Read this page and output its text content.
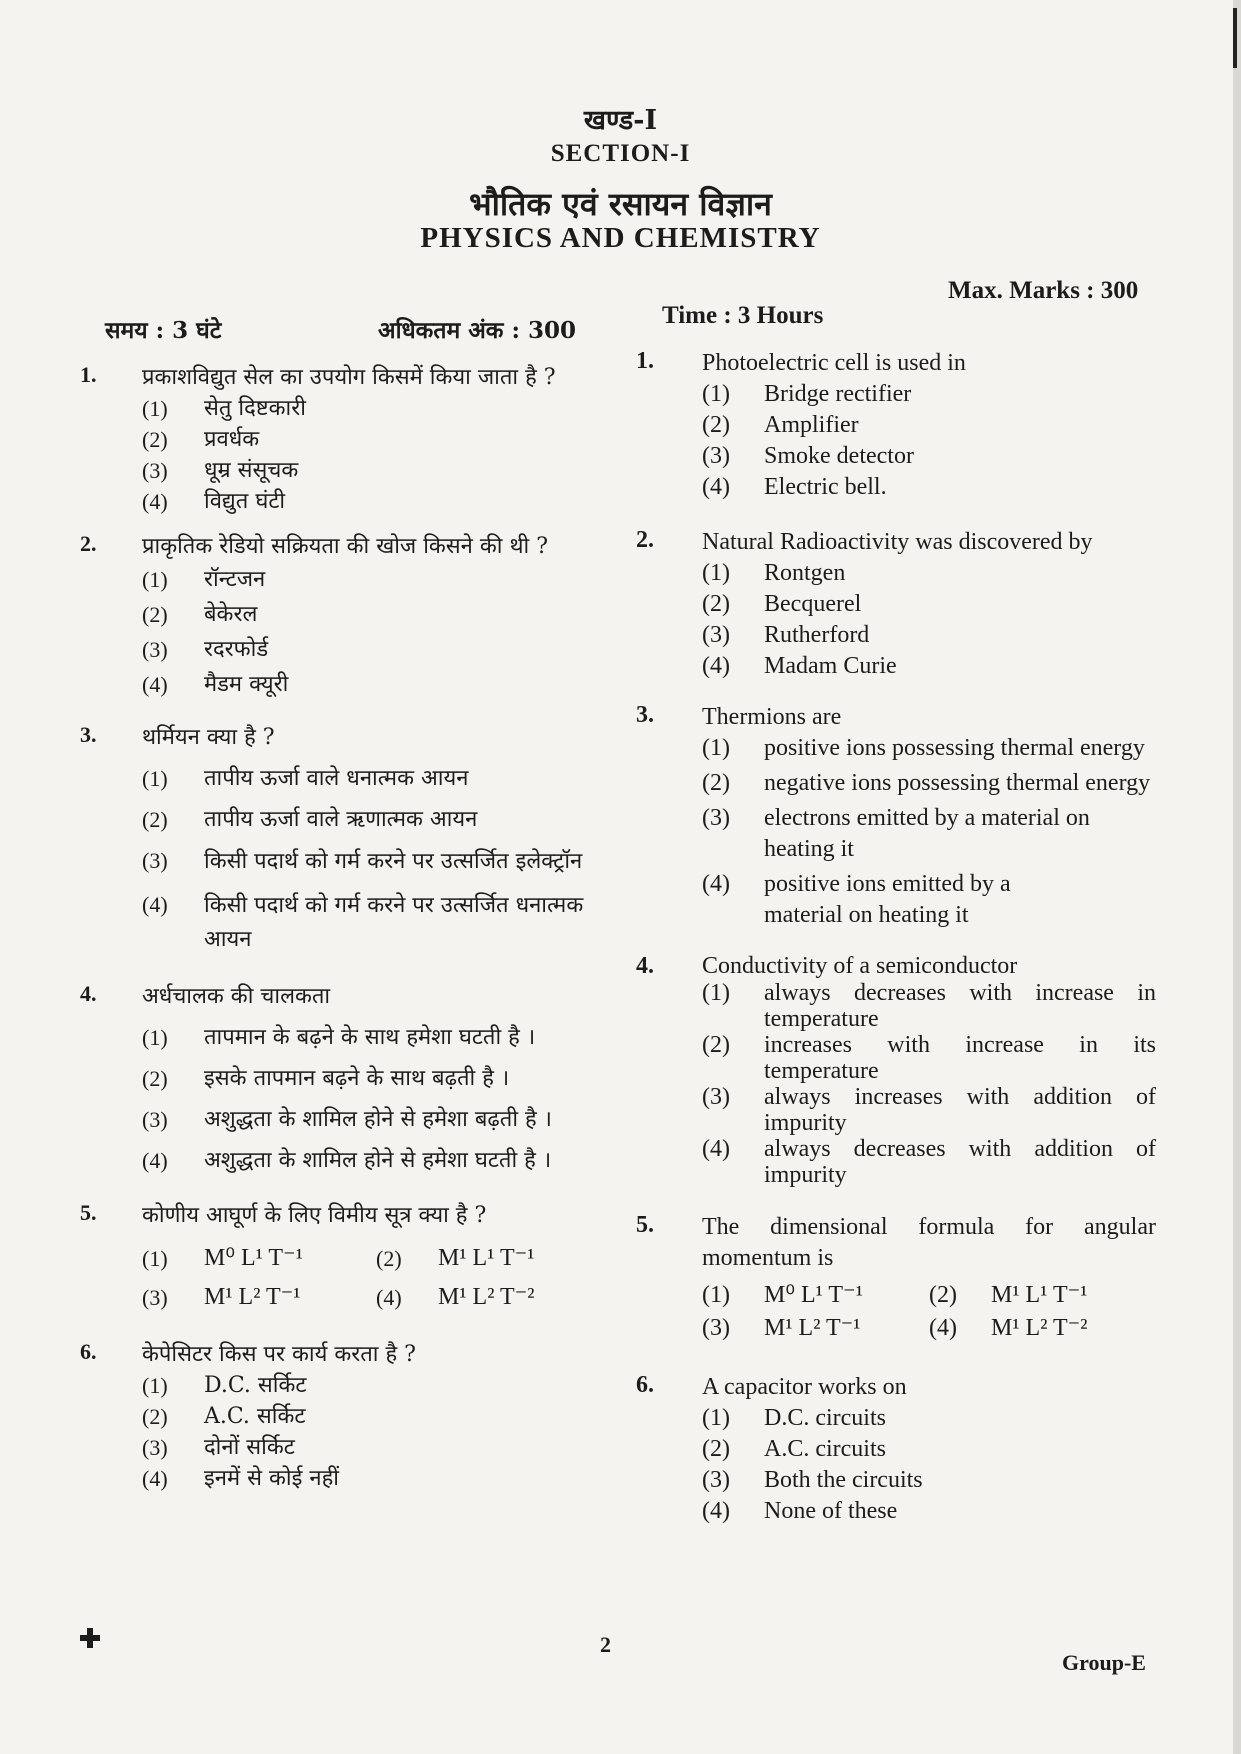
खण्ड-I
SECTION-I
भौतिक एवं रसायन विज्ञान
PHYSICS AND CHEMISTRY
समय : 3 घंटे	अधिकतम अंक : 300
Time : 3 Hours
Max. Marks : 300
1. प्रकाशविद्युत सेल का उपयोग किसमें किया जाता है ?
(1)	सेतु दिष्टकारी
(2)	प्रवर्धक
(3)	धूम्र संसूचक
(4)	विद्युत घंटी
2. प्राकृतिक रेडियो सक्रियता की खोज किसने की थी ?
(1)	रॉन्टजन
(2)	बेकेरल
(3)	रदरफोर्ड
(4)	मैडम क्यूरी
3. थर्मियन क्या है ?
(1)	तापीय ऊर्जा वाले धनात्मक आयन
(2)	तापीय ऊर्जा वाले ऋणात्मक आयन
(3)	किसी पदार्थ को गर्म करने पर उत्सर्जित इलेक्ट्रॉन
(4)	किसी पदार्थ को गर्म करने पर उत्सर्जित धनात्मक आयन
4. अर्धचालक की चालकता
(1)	तापमान के बढ़ने के साथ हमेशा घटती है ।
(2)	इसके तापमान बढ़ने के साथ बढ़ती है ।
(3)	अशुद्धता के शामिल होने से हमेशा बढ़ती है ।
(4)	अशुद्धता के शामिल होने से हमेशा घटती है ।
5. कोणीय आघूर्ण के लिए विमीय सूत्र क्या है ?
(1)	M⁰ L¹ T⁻¹	(2)	M¹ L¹ T⁻¹
(3)	M¹ L² T⁻¹	(4)	M¹ L² T⁻²
6. केपेसिटर किस पर कार्य करता है ?
(1)	D.C. सर्किट
(2)	A.C. सर्किट
(3)	दोनों सर्किट
(4)	इनमें से कोई नहीं
1. Photoelectric cell is used in
(1)	Bridge rectifier
(2)	Amplifier
(3)	Smoke detector
(4)	Electric bell.
2. Natural Radioactivity was discovered by
(1)	Rontgen
(2)	Becquerel
(3)	Rutherford
(4)	Madam Curie
3. Thermions are
(1)	positive ions possessing thermal energy
(2)	negative ions possessing thermal energy
(3)	electrons emitted by a material on heating it
(4)	positive ions emitted by a material on heating it
4. Conductivity of a semiconductor
(1)	always decreases with increase in temperature
(2)	increases with increase in its temperature
(3)	always increases with addition of impurity
(4)	always decreases with addition of impurity
5. The dimensional formula for angular momentum is
(1)	M⁰ L¹ T⁻¹	(2)	M¹ L¹ T⁻¹
(3)	M¹ L² T⁻¹	(4)	M¹ L² T⁻²
6. A capacitor works on
(1)	D.C. circuits
(2)	A.C. circuits
(3)	Both the circuits
(4)	None of these
2
Group-E
